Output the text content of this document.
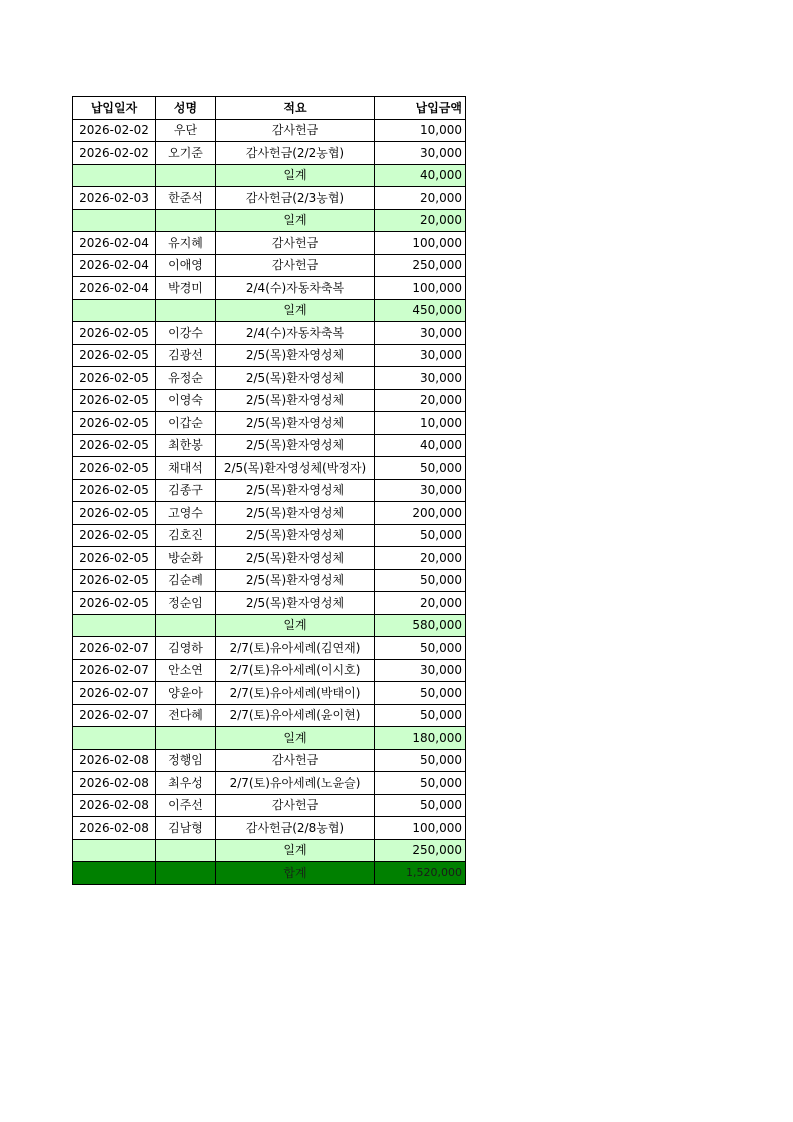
납입일자	성명	적요	납입금액
2026-02-02	우단	감사헌금	10,000
2026-02-02	오기준	감사헌금(2/2농협)	30,000
		일계	40,000
2026-02-03	한준석	감사헌금(2/3농협)	20,000
		일계	20,000
2026-02-04	유지혜	감사헌금	100,000
2026-02-04	이애영	감사헌금	250,000
2026-02-04	박경미	2/4(수)자동차축복	100,000
		일계	450,000
2026-02-05	이강수	2/4(수)자동차축복	30,000
2026-02-05	김광선	2/5(목)환자영성체	30,000
2026-02-05	유정순	2/5(목)환자영성체	30,000
2026-02-05	이영숙	2/5(목)환자영성체	20,000
2026-02-05	이갑순	2/5(목)환자영성체	10,000
2026-02-05	최한봉	2/5(목)환자영성체	40,000
2026-02-05	채대석	2/5(목)환자영성체(박정자)	50,000
2026-02-05	김종구	2/5(목)환자영성체	30,000
2026-02-05	고영수	2/5(목)환자영성체	200,000
2026-02-05	김호진	2/5(목)환자영성체	50,000
2026-02-05	방순화	2/5(목)환자영성체	20,000
2026-02-05	김순례	2/5(목)환자영성체	50,000
2026-02-05	정순임	2/5(목)환자영성체	20,000
		일계	580,000
2026-02-07	김영하	2/7(토)유아세례(김연재)	50,000
2026-02-07	안소연	2/7(토)유아세례(이시호)	30,000
2026-02-07	양윤아	2/7(토)유아세례(박태이)	50,000
2026-02-07	전다혜	2/7(토)유아세례(윤이현)	50,000
		일계	180,000
2026-02-08	정행임	감사헌금	50,000
2026-02-08	최우성	2/7(토)유아세례(노윤슬)	50,000
2026-02-08	이주선	감사헌금	50,000
2026-02-08	김남형	감사헌금(2/8농협)	100,000
		일계	250,000
		합계	1,520,000
